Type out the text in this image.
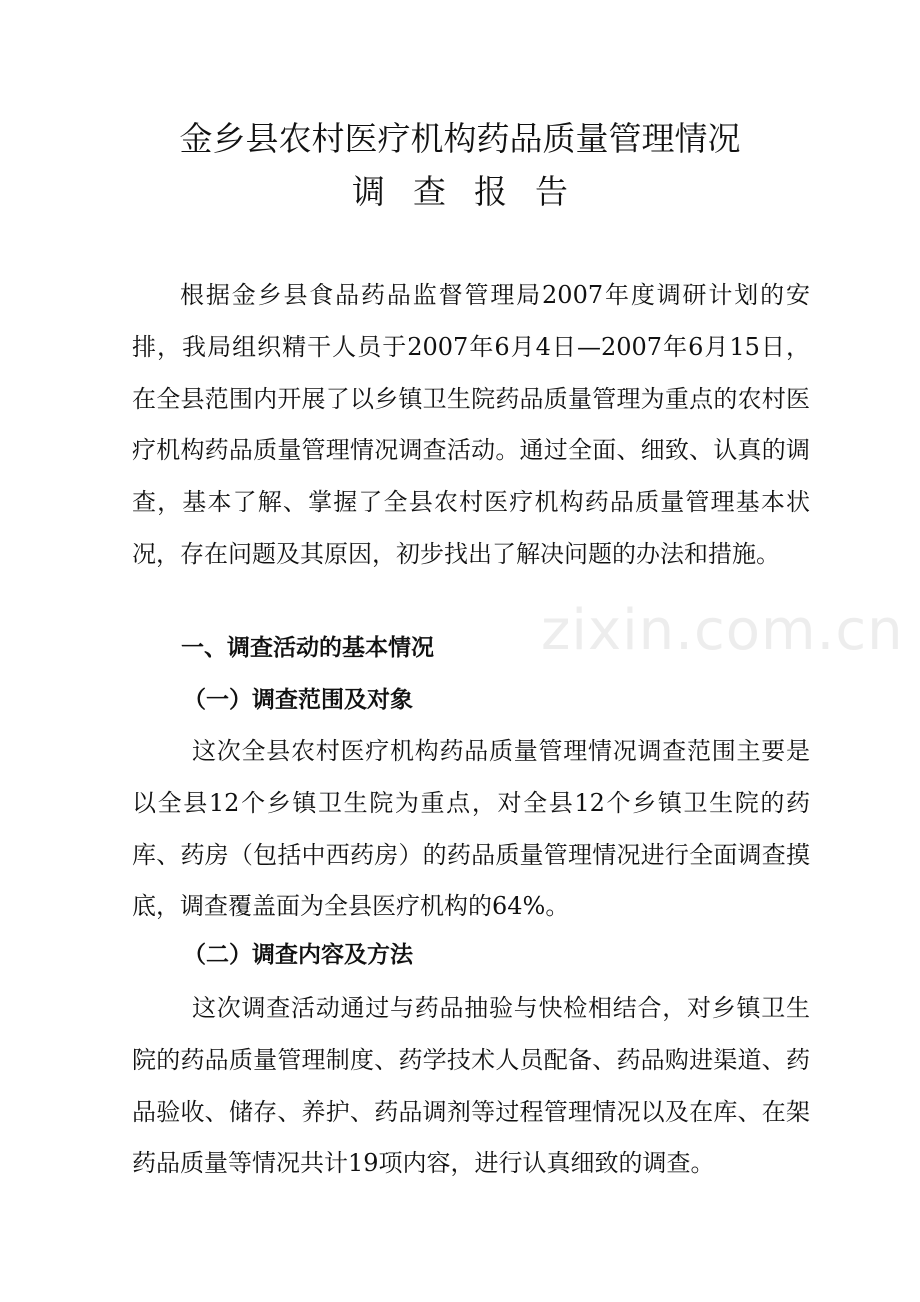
金乡县农村医疗机构药品质量管理情况
调查报告

根据金乡县食品药品监督管理局2007年度调研计划的安排，我局组织精干人员于2007年6月4日—2007年6月15日，在全县范围内开展了以乡镇卫生院药品质量管理为重点的农村医疗机构药品质量管理情况调查活动。通过全面、细致、认真的调查，基本了解、掌握了全县农村医疗机构药品质量管理基本状况，存在问题及其原因，初步找出了解决问题的办法和措施。

一、调查活动的基本情况
（一）调查范围及对象

这次全县农村医疗机构药品质量管理情况调查范围主要是以全县12个乡镇卫生院为重点，对全县12个乡镇卫生院的药库、药房（包括中西药房）的药品质量管理情况进行全面调查摸底，调查覆盖面为全县医疗机构的64%。

（二）调查内容及方法

这次调查活动通过与药品抽验与快检相结合，对乡镇卫生院的药品质量管理制度、药学技术人员配备、药品购进渠道、药品验收、储存、养护、药品调剂等过程管理情况以及在库、在架药品质量等情况共计19项内容，进行认真细致的调查。

zixin.com.cn
